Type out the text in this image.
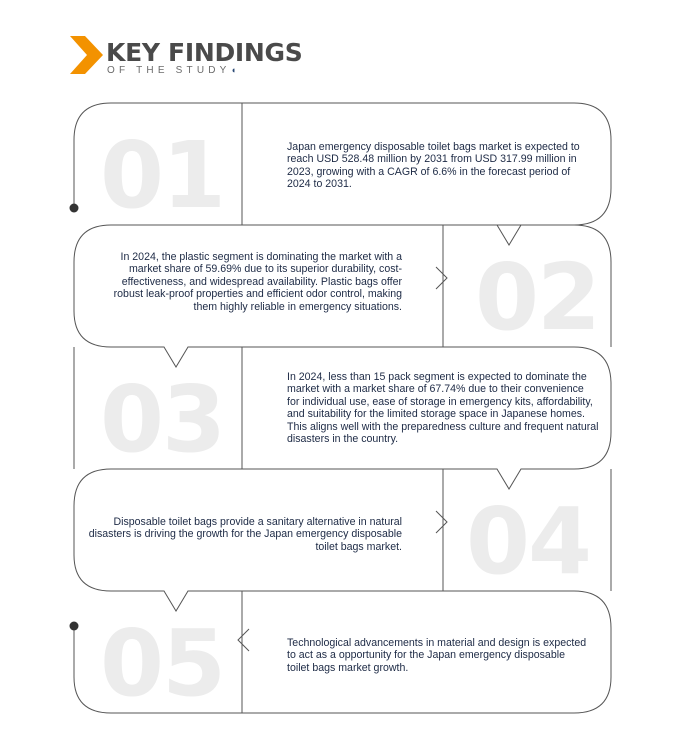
KEY FINDINGS
OF THE STUDY◖
01	Japan emergency disposable toilet bags market is expected to reach USD 528.48 million by 2031 from USD 317.99 million in 2023, growing with a CAGR of 6.6% in the forecast period of 2024 to 2031.
02
In 2024, the plastic segment is dominating the market with a market share of 59.69% due to its superior durability, cost-effectiveness, and widespread availability. Plastic bags offer robust leak-proof properties and efficient odor control, making them highly reliable in emergency situations.
03	In 2024, less than 15 pack segment is expected to dominate the market with a market share of 67.74% due to their convenience for individual use, ease of storage in emergency kits, affordability, and suitability for the limited storage space in Japanese homes. This aligns well with the preparedness culture and frequent natural disasters in the country.
04
Disposable toilet bags provide a sanitary alternative in natural disasters is driving the growth for the Japan emergency disposable toilet bags market.
05	Technological advancements in material and design is expected to act as a opportunity for the Japan emergency disposable toilet bags market growth.
